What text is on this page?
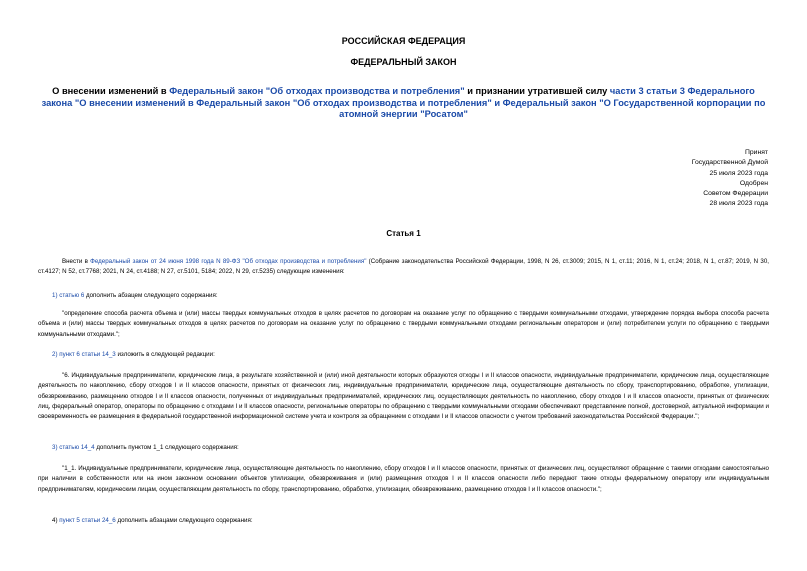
РОССИЙСКАЯ ФЕДЕРАЦИЯ
ФЕДЕРАЛЬНЫЙ ЗАКОН
О внесении изменений в Федеральный закон "Об отходах производства и потребления" и признании утратившей силу части 3 статьи 3 Федерального закона "О внесении изменений в Федеральный закон "Об отходах производства и потребления" и Федеральный закон "О Государственной корпорации по атомной энергии "Росатом"
Принят
Государственной Думой
25 июля 2023 года
Одобрен
Советом Федерации
28 июля 2023 года
Статья 1
Внести в Федеральный закон от 24 июня 1998 года N 89-ФЗ "Об отходах производства и потребления" (Собрание законодательства Российской Федерации, 1998, N 26, ст.3009; 2015, N 1, ст.11; 2016, N 1, ст.24; 2018, N 1, ст.87; 2019, N 30, ст.4127; N 52, ст.7768; 2021, N 24, ст.4188; N 27, ст.5101, 5184; 2022, N 29, ст.5235) следующие изменения:
1) статью 6 дополнить абзацем следующего содержания:
"определение способа расчета объема и (или) массы твердых коммунальных отходов в целях расчетов по договорам на оказание услуг по обращению с твердыми коммунальными отходами, утверждение порядка выбора способа расчета объема и (или) массы твердых коммунальных отходов в целях расчетов по договорам на оказание услуг по обращению с твердыми коммунальными отходами региональным оператором и (или) потребителем услуги по обращению с твердыми коммунальными отходами.";
2) пункт 6 статьи 14_3 изложить в следующей редакции:
"6. Индивидуальные предприниматели, юридические лица, в результате хозяйственной и (или) иной деятельности которых образуются отходы I и II классов опасности, индивидуальные предприниматели, юридические лица, осуществляющие деятельность по накоплению, сбору отходов I и II классов опасности, принятых от физических лиц, индивидуальные предприниматели, юридические лица, осуществляющие деятельность по сбору, транспортированию, обработке, утилизации, обезвреживанию, размещению отходов I и II классов опасности, полученных от индивидуальных предпринимателей, юридических лиц, осуществляющих деятельность по накоплению, сбору отходов I и II классов опасности, принятых от физических лиц, федеральный оператор, операторы по обращению с отходами I и II классов опасности, региональные операторы по обращению с твердыми коммунальными отходами обеспечивают представление полной, достоверной, актуальной информации и своевременность ее размещения в федеральной государственной информационной системе учета и контроля за обращением с отходами I и II классов опасности с учетом требований законодательства Российской Федерации.";
3) статью 14_4 дополнить пунктом 1_1 следующего содержания:
"1_1. Индивидуальные предприниматели, юридические лица, осуществляющие деятельность по накоплению, сбору отходов I и II классов опасности, принятых от физических лиц, осуществляют обращение с такими отходами самостоятельно при наличии в собственности или на ином законном основании объектов утилизации, обезвреживания и (или) размещения отходов I и II классов опасности либо передают такие отходы федеральному оператору или индивидуальным предпринимателям, юридическим лицам, осуществляющим деятельность по сбору, транспортированию, обработке, утилизации, обезвреживанию, размещению отходов I и II классов опасности.";
4) пункт 5 статьи 24_6 дополнить абзацами следующего содержания:
